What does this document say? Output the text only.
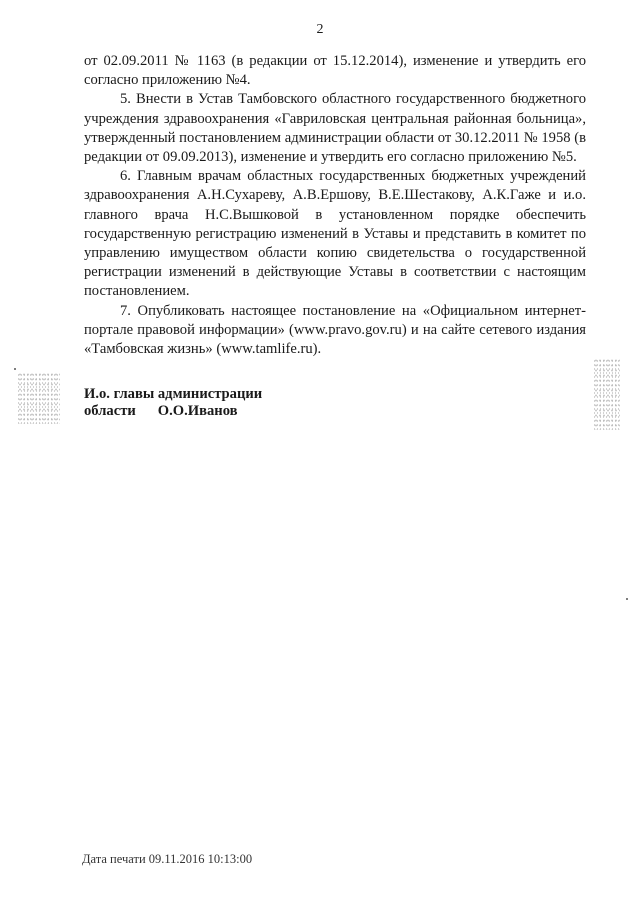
2

от 02.09.2011 № 1163 (в редакции от 15.12.2014), изменение и утвердить его согласно приложению №4.

5. Внести в Устав Тамбовского областного государственного бюджетного учреждения здравоохранения «Гавриловская центральная районная больница», утвержденный постановлением администрации области от 30.12.2011 № 1958 (в редакции от 09.09.2013), изменение и утвердить его согласно приложению №5.

6. Главным врачам областных государственных бюджетных учреждений здравоохранения А.Н.Сухареву, А.В.Ершову, В.Е.Шестакову, А.К.Гаже и и.о. главного врача Н.С.Вышковой в установленном порядке обеспечить государственную регистрацию изменений в Уставы и представить в комитет по управлению имуществом области копию свидетельства о государственной регистрации изменений в действующие Уставы в соответствии с настоящим постановлением.

7. Опубликовать настоящее постановление на «Официальном интернет-портале правовой информации» (www.pravo.gov.ru) и на сайте сетевого издания «Тамбовская жизнь» (www.tamlife.ru).

И.о. главы администрации
области О.О.Иванов
Дата печати 09.11.2016 10:13:00
